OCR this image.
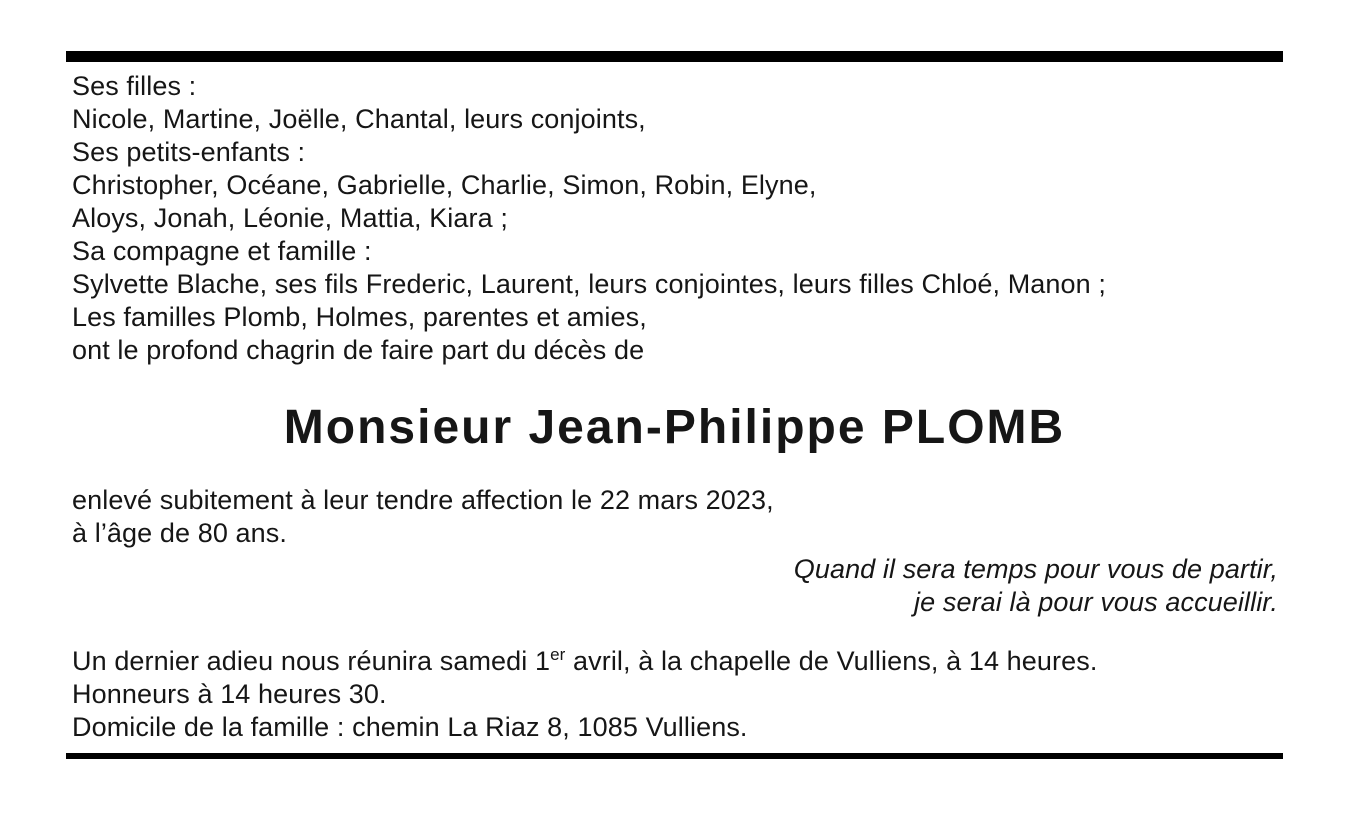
Ses filles :
Nicole, Martine, Joëlle, Chantal, leurs conjoints,
Ses petits-enfants :
Christopher, Océane, Gabrielle, Charlie, Simon, Robin, Elyne,
Aloys, Jonah, Léonie, Mattia, Kiara ;
Sa compagne et famille :
Sylvette Blache, ses fils Frederic, Laurent, leurs conjointes, leurs filles Chloé, Manon ;
Les familles Plomb, Holmes, parentes et amies,
ont le profond chagrin de faire part du décès de
Monsieur Jean-Philippe PLOMB
enlevé subitement à leur tendre affection le 22 mars 2023,
à l’âge de 80 ans.
Quand il sera temps pour vous de partir,
je serai là pour vous accueillir.
Un dernier adieu nous réunira samedi 1er avril, à la chapelle de Vulliens, à 14 heures.
Honneurs à 14 heures 30.
Domicile de la famille : chemin La Riaz 8, 1085 Vulliens.
